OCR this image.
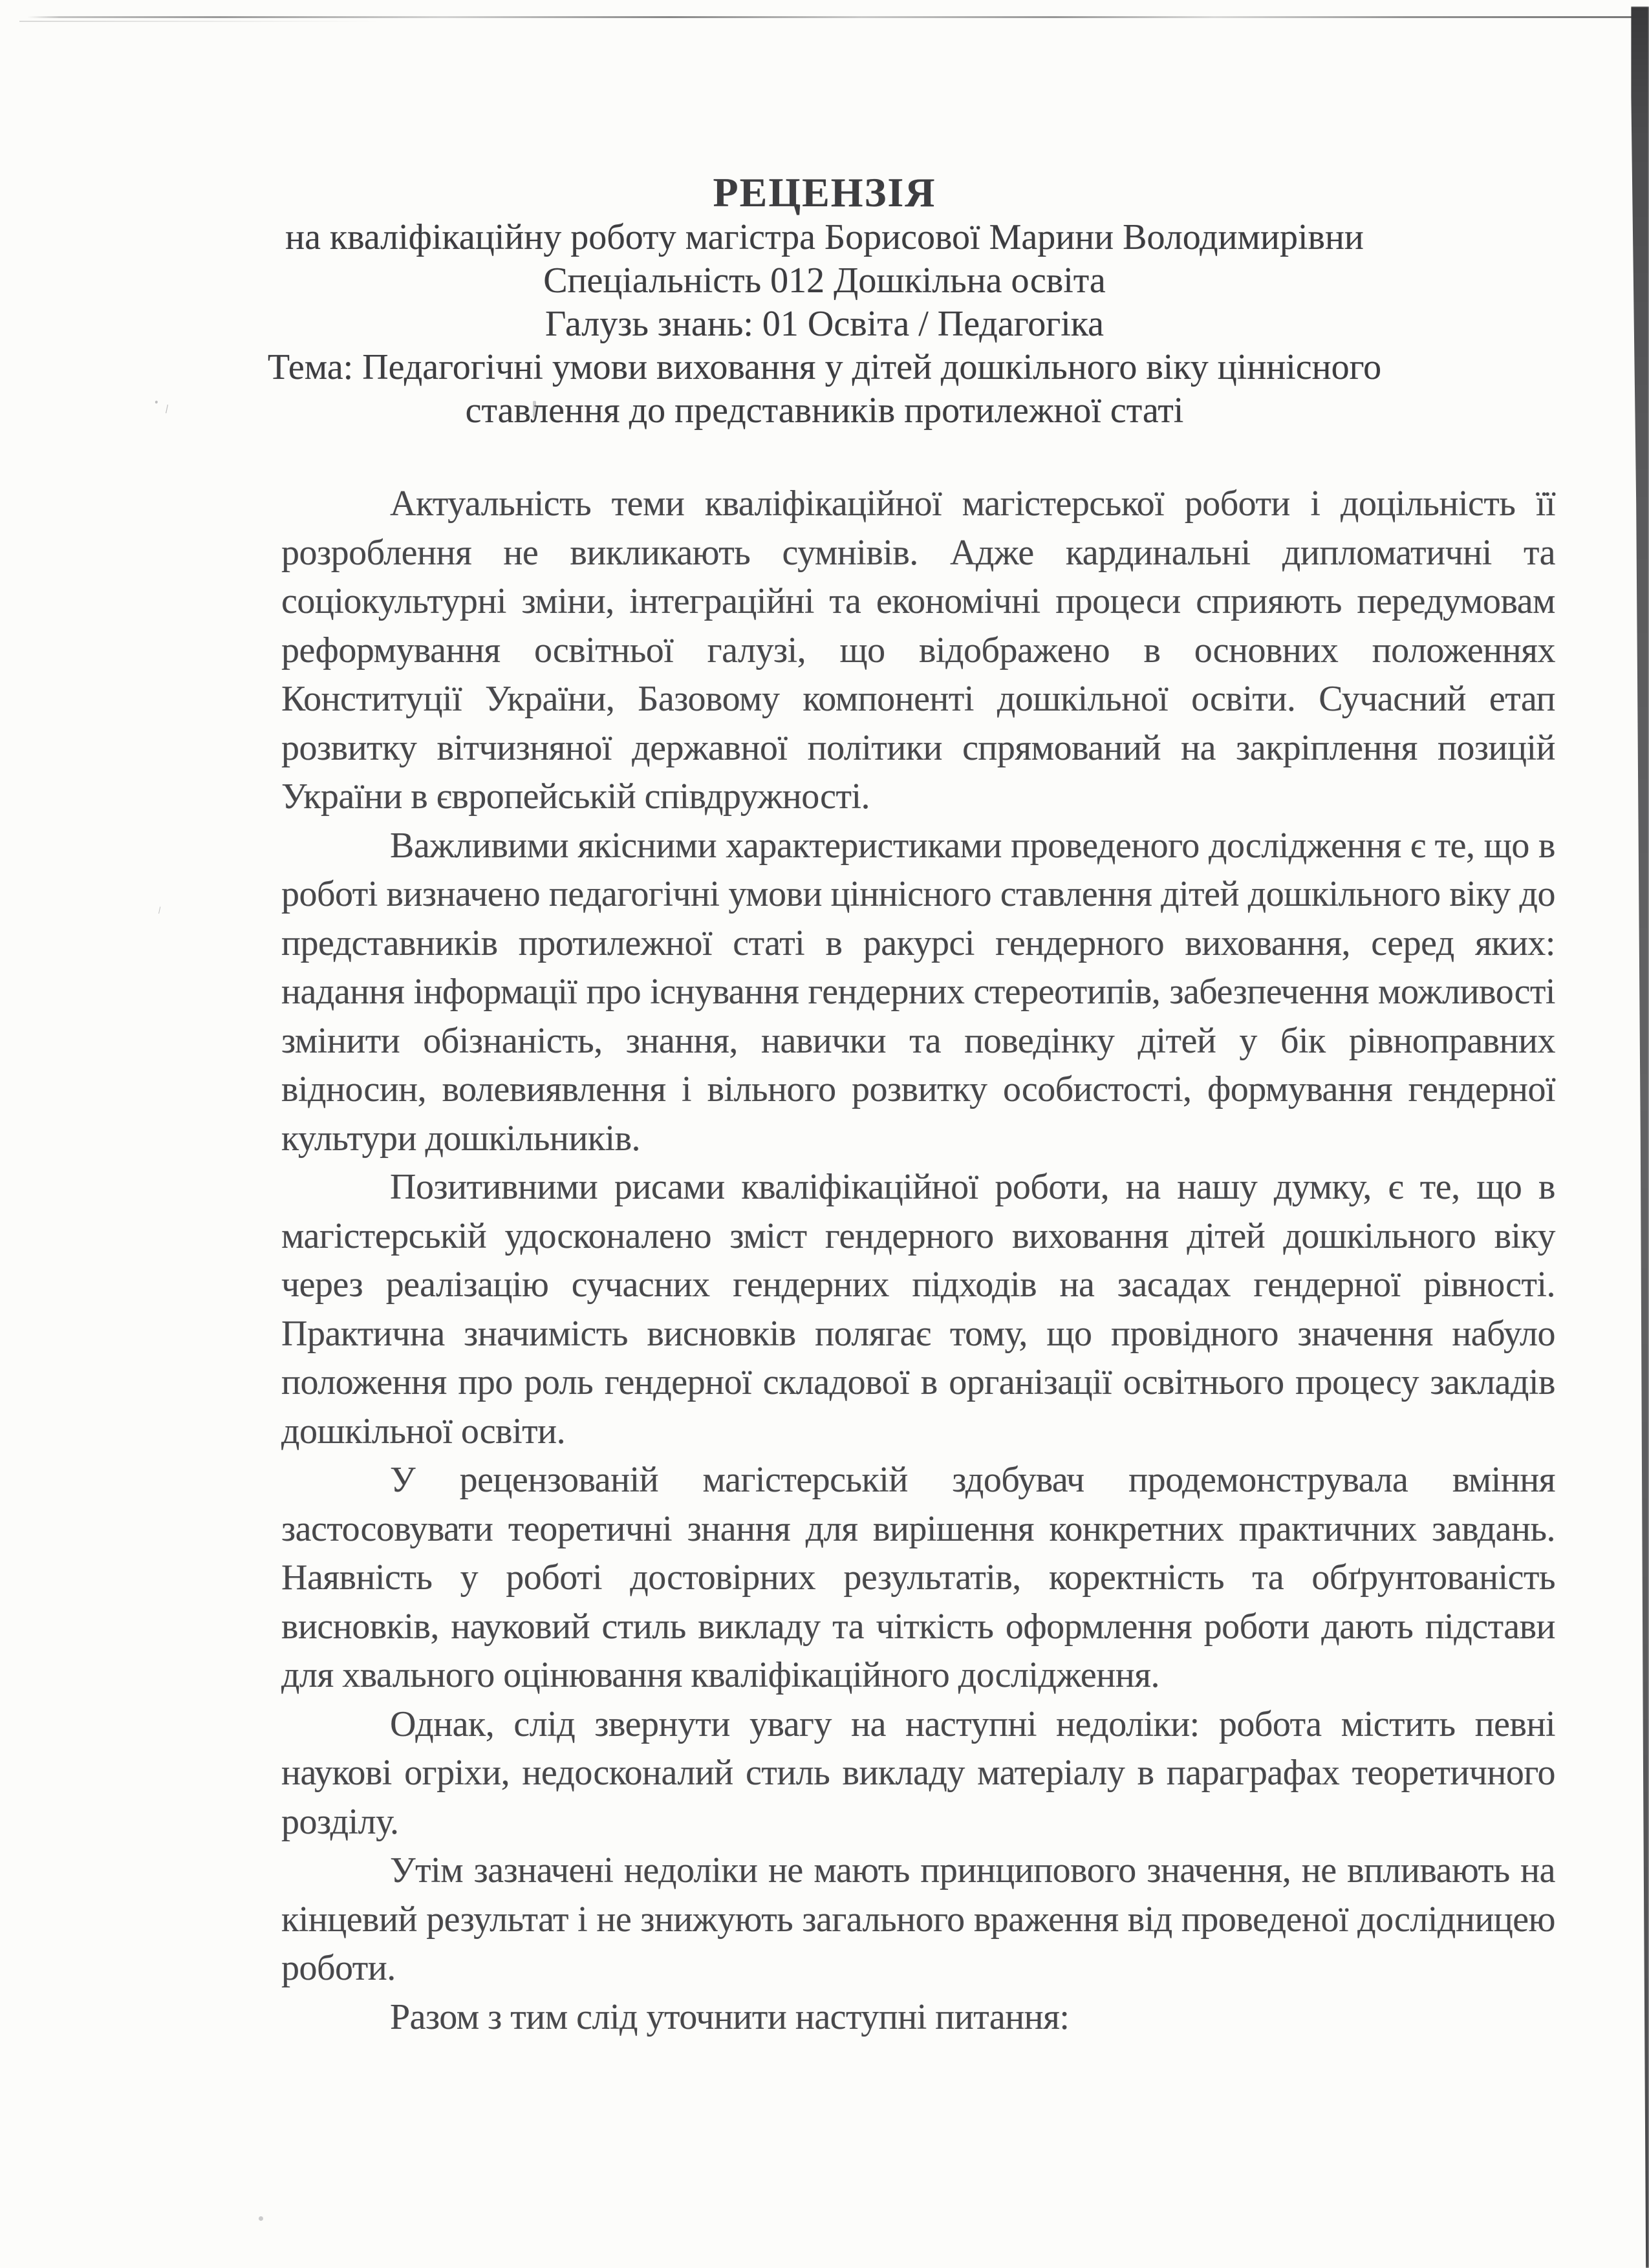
᛫ᛧ
ᛧ
РЕЦЕНЗІЯ
на кваліфікаційну роботу магістра Борисової Марини Володимирівни
Спеціальність 012 Дошкільна освіта
Галузь знань: 01 Освіта / Педагогіка
Тема: Педагогічні умови виховання у дітей дошкільного віку ціннісного
ставлення до представників протилежної статі

Актуальність теми кваліфікаційної магістерської роботи і доцільність її розроблення не викликають сумнівів. Адже кардинальні дипломатичні та соціокультурні зміни, інтеграційні та економічні процеси сприяють передумовам реформування освітньої галузі, що відображено в основних положеннях Конституції України, Базовому компоненті дошкільної освіти. Сучасний етап розвитку вітчизняної державної політики спрямований на закріплення позицій України в європейській співдружності.

Важливими якісними характеристиками проведеного дослідження є те, що в роботі визначено педагогічні умови ціннісного ставлення дітей дошкільного віку до представників протилежної статі в ракурсі гендерного виховання, серед яких: надання інформації про існування гендерних стереотипів, забезпечення можливості змінити обізнаність, знання, навички та поведінку дітей у бік рівноправних відносин, волевиявлення і вільного розвитку особистості, формування гендерної культури дошкільників.

Позитивними рисами кваліфікаційної роботи, на нашу думку, є те, що в магістерській удосконалено зміст гендерного виховання дітей дошкільного віку через реалізацію сучасних гендерних підходів на засадах гендерної рівності. Практична значимість висновків полягає тому, що провідного значення набуло положення про роль гендерної складової в організації освітнього процесу закладів дошкільної освіти.

У рецензованій магістерській здобувач продемонструвала вміння застосовувати теоретичні знання для вирішення конкретних практичних завдань. Наявність у роботі достовірних результатів, коректність та обґрунтованість висновків, науковий стиль викладу та чіткість оформлення роботи дають підстави для хвального оцінювання кваліфікаційного дослідження.

Однак, слід звернути увагу на наступні недоліки: робота містить певні наукові огріхи, недосконалий стиль викладу матеріалу в параграфах теоретичного розділу.

Утім зазначені недоліки не мають принципового значення, не впливають на кінцевий результат і не знижують загального враження від проведеної дослідницею роботи.

Разом з тим слід уточнити наступні питання:
